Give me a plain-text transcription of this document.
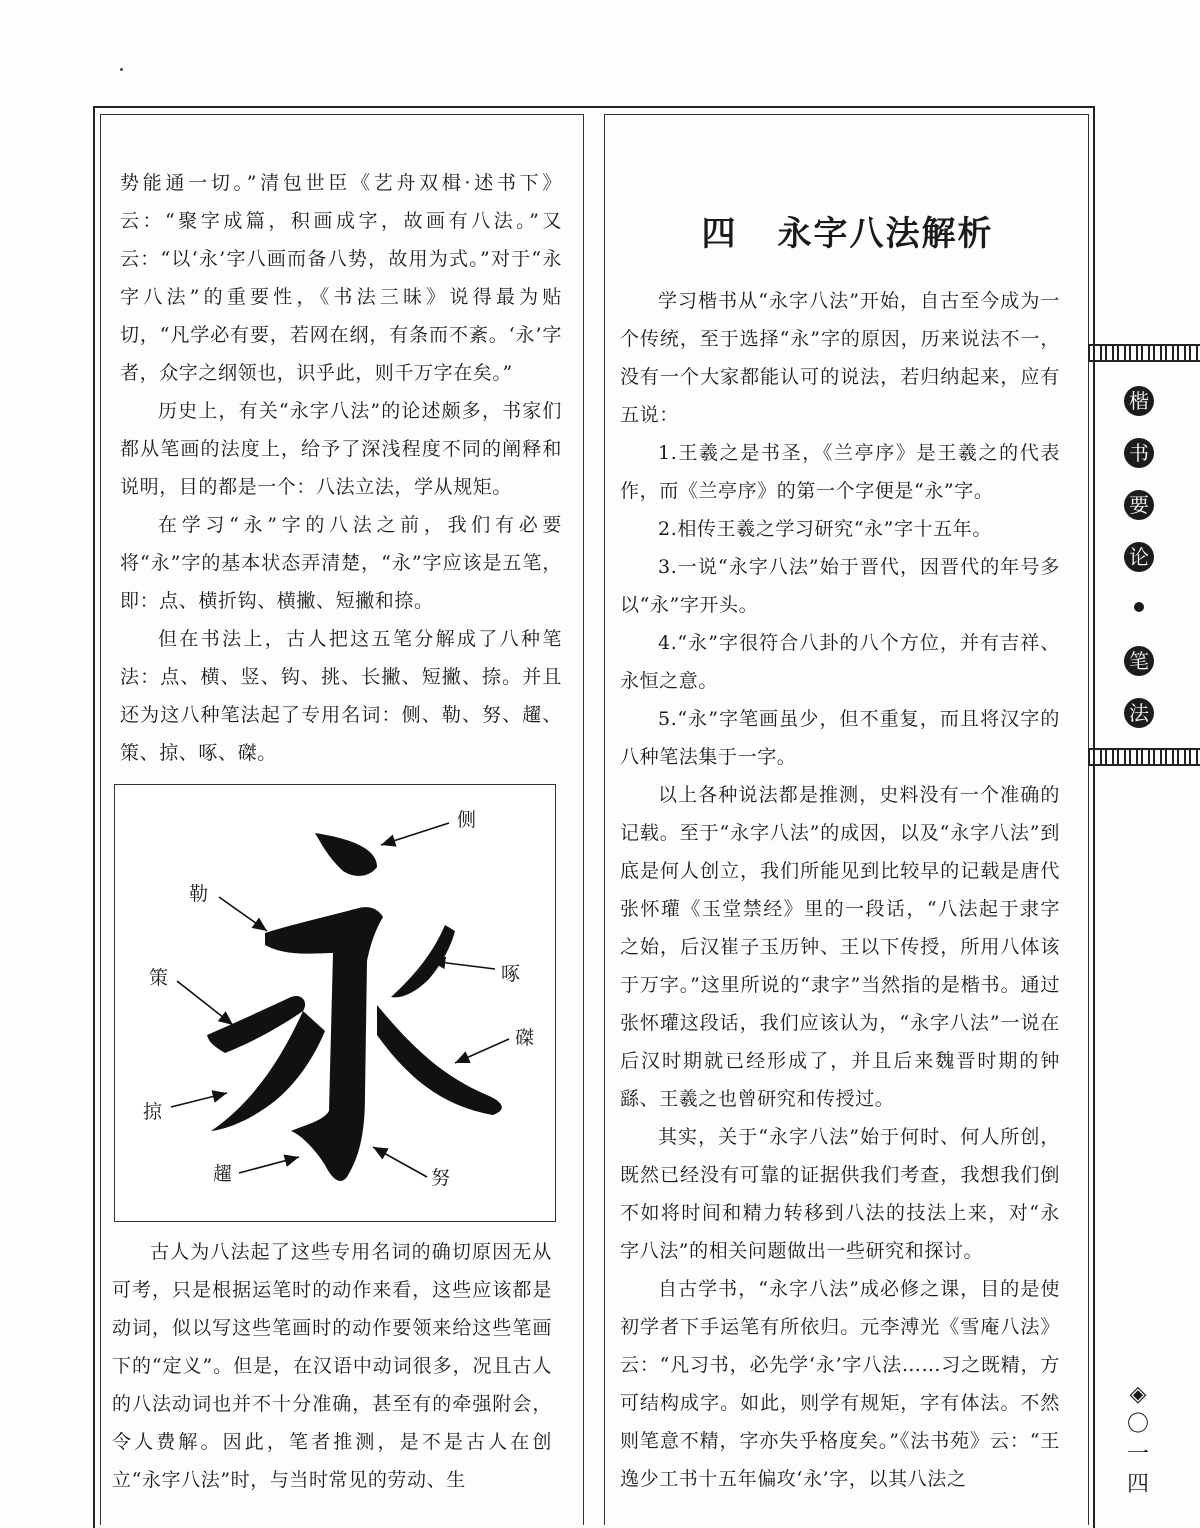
势能通一切。”清包世臣《艺舟双楫·述书下》云：“聚字成篇，积画成字，故画有八法。”又云：“以‘永’字八画而备八势，故用为式。”对于“永字八法”的重要性，《书法三昧》说得最为贴切，“凡学必有要，若网在纲，有条而不紊。‘永’字者，众字之纲领也，识乎此，则千万字在矣。”

历史上，有关“永字八法”的论述颇多，书家们都从笔画的法度上，给予了深浅程度不同的阐释和说明，目的都是一个：八法立法，学从规矩。

在学习“永”字的八法之前，我们有必要将“永”字的基本状态弄清楚，“永”字应该是五笔，即：点、横折钩、横撇、短撇和捺。

但在书法上，古人把这五笔分解成了八种笔法：点、横、竖、钩、挑、长撇、短撇、捺。并且还为这八种笔法起了专用名词：侧、勒、努、趯、策、掠、啄、磔。

侧
勒
啄
策
磔
掠
趯	努

古人为八法起了这些专用名词的确切原因无从可考，只是根据运笔时的动作来看，这些应该都是动词，似以写这些笔画时的动作要领来给这些笔画下的“定义”。但是，在汉语中动词很多，况且古人的八法动词也并不十分准确，甚至有的牵强附会，令人费解。因此，笔者推测，是不是古人在创立“永字八法”时，与当时常见的劳动、生

四 永字八法解析

学习楷书从“永字八法”开始，自古至今成为一个传统，至于选择“永”字的原因，历来说法不一，没有一个大家都能认可的说法，若归纳起来，应有五说：

1.王羲之是书圣，《兰亭序》是王羲之的代表作，而《兰亭序》的第一个字便是“永”字。

2.相传王羲之学习研究“永”字十五年。

3.一说“永字八法”始于晋代，因晋代的年号多以“永”字开头。

4.“永”字很符合八卦的八个方位，并有吉祥、永恒之意。

5.“永”字笔画虽少，但不重复，而且将汉字的八种笔法集于一字。

以上各种说法都是推测，史料没有一个准确的记载。至于“永字八法”的成因，以及“永字八法”到底是何人创立，我们所能见到比较早的记载是唐代张怀瓘《玉堂禁经》里的一段话，“八法起于隶字之始，后汉崔子玉历钟、王以下传授，所用八体该于万字。”这里所说的“隶字”当然指的是楷书。通过张怀瓘这段话，我们应该认为，“永字八法”一说在后汉时期就已经形成了，并且后来魏晋时期的钟繇、王羲之也曾研究和传授过。

其实，关于“永字八法”始于何时、何人所创，既然已经没有可靠的证据供我们考查，我想我们倒不如将时间和精力转移到八法的技法上来，对“永字八法”的相关问题做出一些研究和探讨。

自古学书，“永字八法”成必修之课，目的是使初学者下手运笔有所依归。元李溥光《雪庵八法》云：“凡习书，必先学‘永’字八法……习之既精，方可结构成字。如此，则学有规矩，字有体法。不然则笔意不精，字亦失乎格度矣。”《法书苑》云：“王逸少工书十五年偏攻‘永’字，以其八法之

楷
书
要
论
笔
法
◈
〇
一
四
